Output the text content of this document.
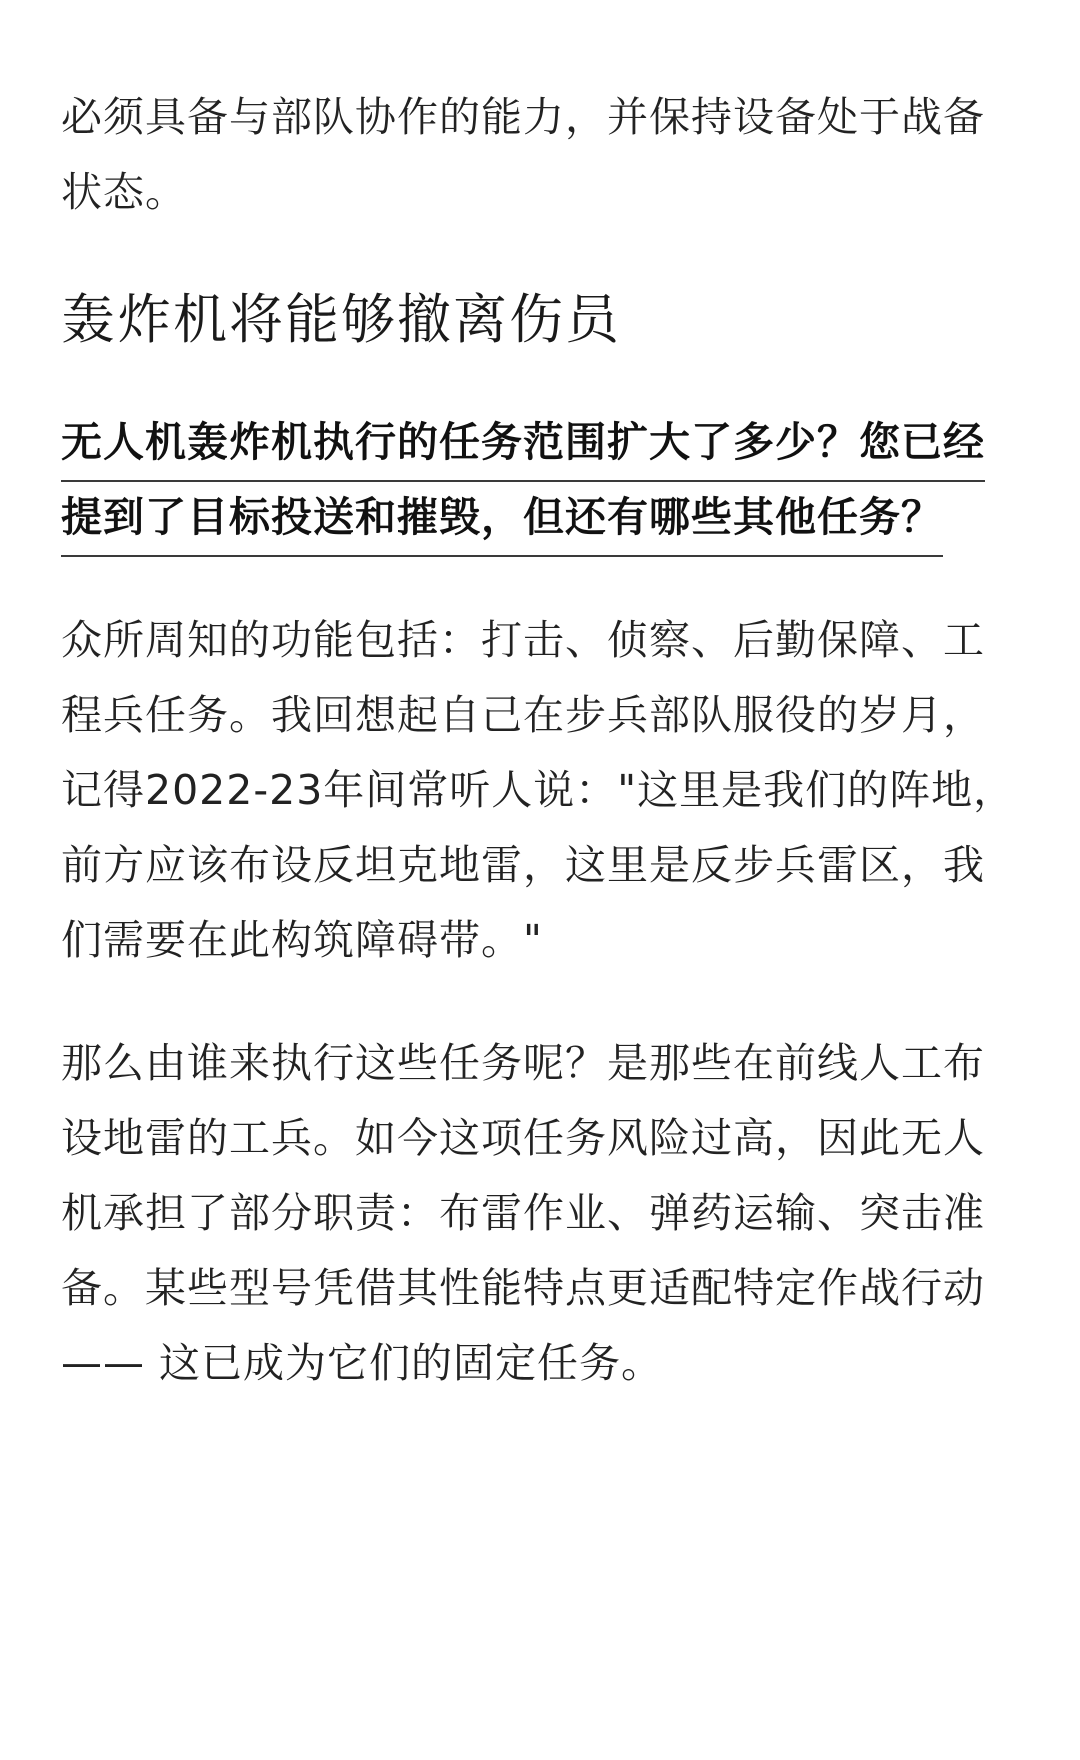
必须具备与部队协作的能力，并保持设备处于战备状态。

轰炸机将能够撤离伤员

无人机轰炸机执行的任务范围扩大了多少？您已经提到了目标投送和摧毁，但还有哪些其他任务？

众所周知的功能包括：打击、侦察、后勤保障、工程兵任务。我回想起自己在步兵部队服役的岁月，记得2022-23年间常听人说："这里是我们的阵地，前方应该布设反坦克地雷，这里是反步兵雷区，我们需要在此构筑障碍带。"

那么由谁来执行这些任务呢？是那些在前线人工布设地雷的工兵。如今这项任务风险过高，因此无人机承担了部分职责：布雷作业、弹药运输、突击准备。某些型号凭借其性能特点更适配特定作战行动—— 这已成为它们的固定任务。
